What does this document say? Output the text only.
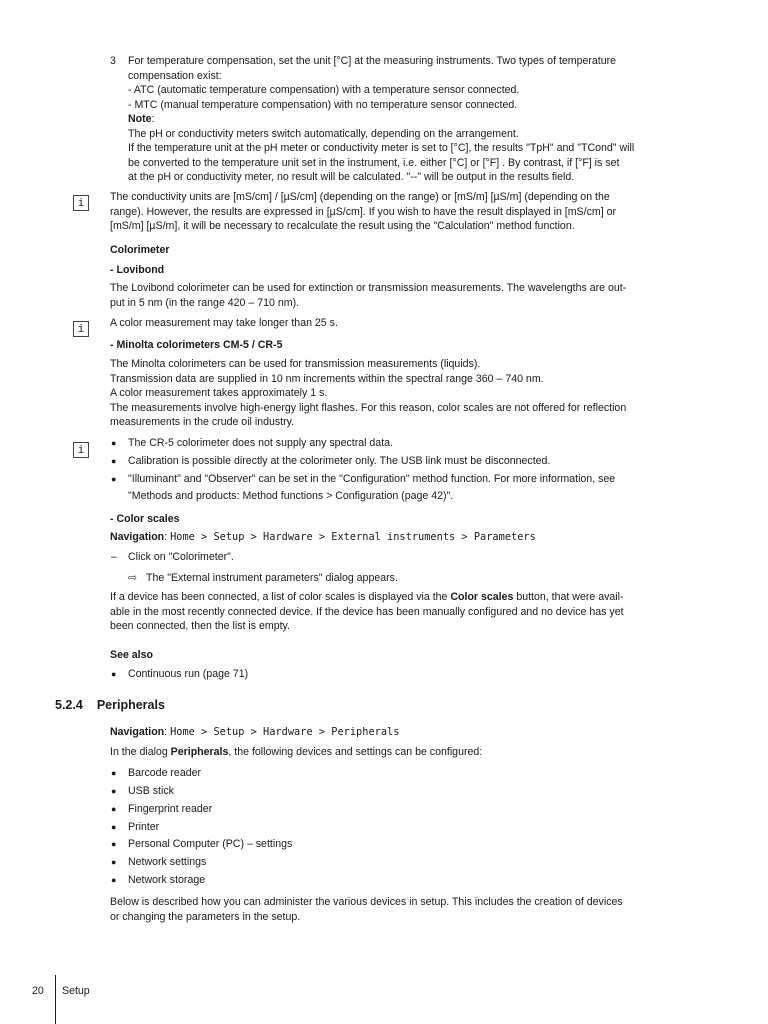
3 For temperature compensation, set the unit [°C] at the measuring instruments. Two types of temperature
compensation exist:
- ATC (automatic temperature compensation) with a temperature sensor connected.
- MTC (manual temperature compensation) with no temperature sensor connected.
Note:
The pH or conductivity meters switch automatically, depending on the arrangement.
If the temperature unit at the pH meter or conductivity meter is set to [°C], the results "TpH" and "TCond" will
be converted to the temperature unit set in the instrument, i.e. either [°C] or [°F] . By contrast, if [°F] is set
at the pH or conductivity meter, no result will be calculated. "--" will be output in the results field.
i	The conductivity units are [mS/cm] / [µS/cm] (depending on the range) or [mS/m] [µS/m] (depending on the
range). However, the results are expressed in [µS/cm]. If you wish to have the result displayed in [mS/cm] or
[mS/m] [µS/m], it will be necessary to recalculate the result using the "Calculation" method function.
Colorimeter
- Lovibond
The Lovibond colorimeter can be used for extinction or transmission measurements. The wavelengths are out-
put in 5 nm (in the range 420 – 710 nm).
i	A color measurement may take longer than 25 s.
- Minolta colorimeters CM-5 / CR-5
The Minolta colorimeters can be used for transmission measurements (liquids).
Transmission data are supplied in 10 nm increments within the spectral range 360 – 740 nm.
A color measurement takes approximately 1 s.
The measurements involve high-energy light flashes. For this reason, color scales are not offered for reflection
measurements in the crude oil industry.
i	● The CR-5 colorimeter does not supply any spectral data.
● Calibration is possible directly at the colorimeter only. The USB link must be disconnected.
● "Illuminant" and "Observer" can be set in the "Configuration" method function. For more information, see
"Methods and products: Method functions > Configuration (page 42)".
- Color scales
Navigation: Home > Setup > Hardware > External instruments > Parameters
– Click on "Colorimeter".
⇨ The "External instrument parameters" dialog appears.
If a device has been connected, a list of color scales is displayed via the Color scales button, that were avail-
able in the most recently connected device. If the device has been manually configured and no device has yet
been connected, then the list is empty.
See also
● Continuous run (page 71)
5.2.4 Peripherals
Navigation: Home > Setup > Hardware > Peripherals
In the dialog Peripherals, the following devices and settings can be configured:
● Barcode reader
● USB stick
● Fingerprint reader
● Printer
● Personal Computer (PC) – settings
● Network settings
● Network storage
Below is described how you can administer the various devices in setup. This includes the creation of devices
or changing the parameters in the setup.
20 Setup
